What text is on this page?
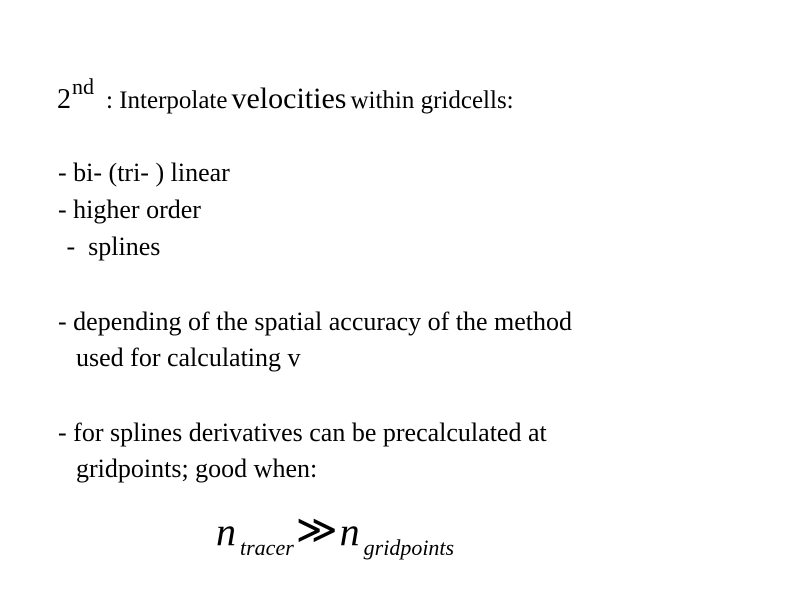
2nd: Interpolate velocities within gridcells:
- bi- (tri- ) linear
- higher order
-  splines
- depending of the spatial accuracy of the method
used for calculating v
- for splines derivatives can be precalculated at
gridpoints; good when:
ntracer≫n gridpoints
